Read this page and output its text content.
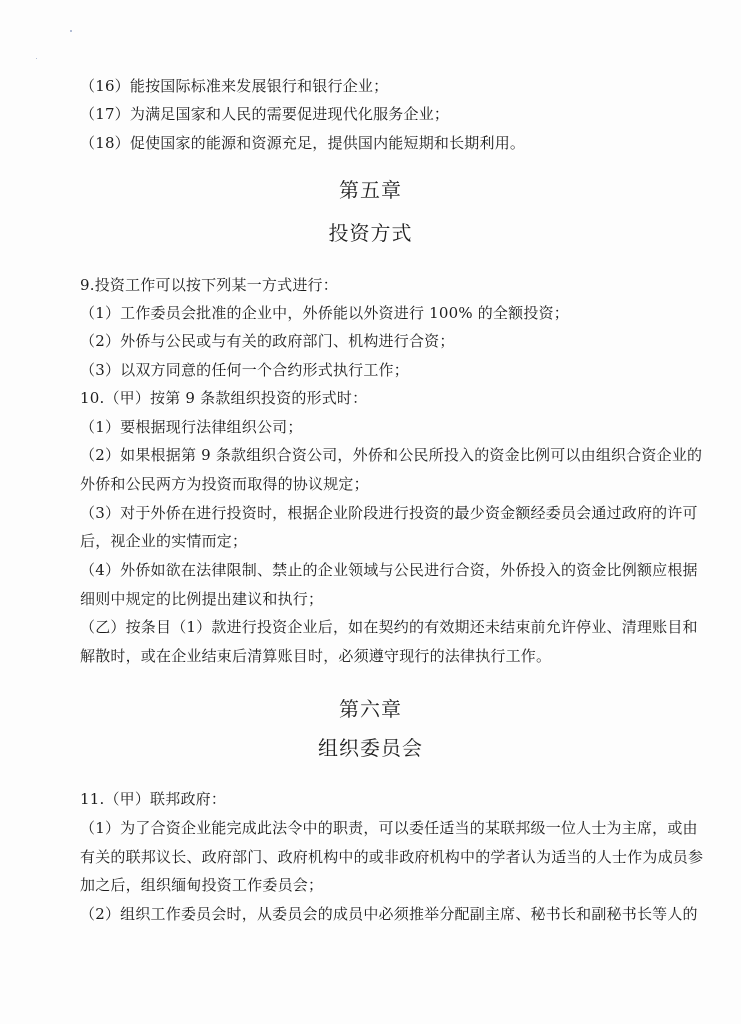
（16）能按国际标准来发展银行和银行企业；
（17）为满足国家和人民的需要促进现代化服务企业；
（18）促使国家的能源和资源充足，提供国内能短期和长期利用。
第五章
投资方式
9.投资工作可以按下列某一方式进行：
（1）工作委员会批准的企业中，外侨能以外资进行 100% 的全额投资；
（2）外侨与公民或与有关的政府部门、机构进行合资；
（3）以双方同意的任何一个合约形式执行工作；
10.（甲）按第 9 条款组织投资的形式时：
（1）要根据现行法律组织公司；
（2）如果根据第 9 条款组织合资公司，外侨和公民所投入的资金比例可以由组织合资企业的
外侨和公民两方为投资而取得的协议规定；
（3）对于外侨在进行投资时，根据企业阶段进行投资的最少资金额经委员会通过政府的许可
后，视企业的实情而定；
（4）外侨如欲在法律限制、禁止的企业领域与公民进行合资，外侨投入的资金比例额应根据
细则中规定的比例提出建议和执行；
（乙）按条目（1）款进行投资企业后，如在契约的有效期还未结束前允许停业、清理账目和
解散时，或在企业结束后清算账目时，必须遵守现行的法律执行工作。
第六章
组织委员会
11.（甲）联邦政府：
（1）为了合资企业能完成此法令中的职责，可以委任适当的某联邦级一位人士为主席，或由
有关的联邦议长、政府部门、政府机构中的或非政府机构中的学者认为适当的人士作为成员参
加之后，组织缅甸投资工作委员会；
（2）组织工作委员会时，从委员会的成员中必须推举分配副主席、秘书长和副秘书长等人的
